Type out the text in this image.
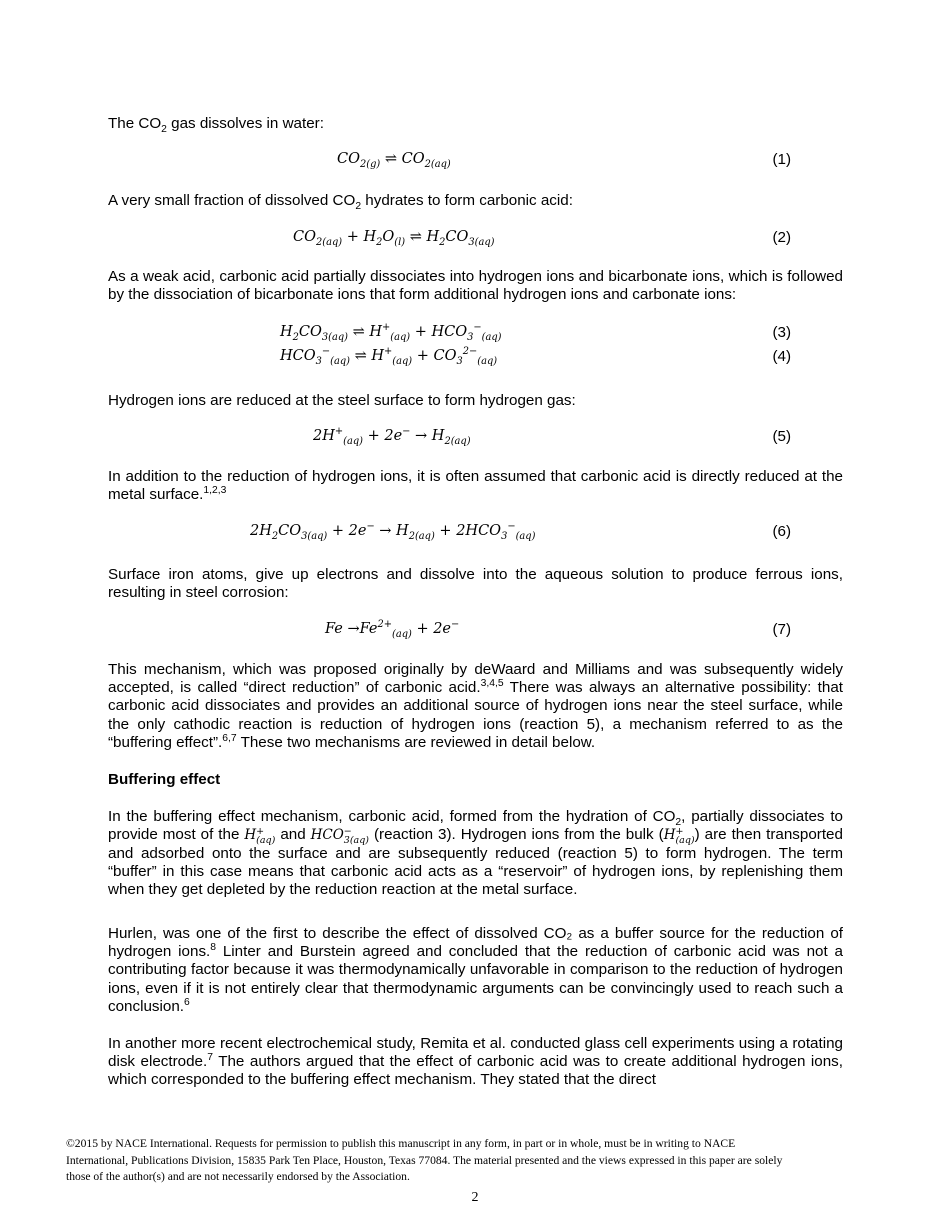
The $CO_2$ gas dissolves in water:

$CO_{2(g)}$ ⇌ $CO_{2(aq)}$	(1)

A very small fraction of dissolved $CO_2$ hydrates to form carbonic acid:

$CO_{2(aq)} + H_2O_{(l)}$ ⇌ $H_2CO_{3(aq)}$	(2)

As a weak acid, carbonic acid partially dissociates into hydrogen ions and bicarbonate ions, which is followed by the dissociation of bicarbonate ions that form additional hydrogen ions and carbonate ions:

$H_2CO_{3(aq)}$ ⇌ $H^+_{(aq)} + HCO_3^-_{(aq)}$	(3)
$HCO_3^-_{(aq)}$ ⇌ $H^+_{(aq)} + CO_3^{2-}_{(aq)}$	(4)

Hydrogen ions are reduced at the steel surface to form hydrogen gas:

$2H^+_{(aq)} + 2e^- \to H_{2(aq)}$	(5)

In addition to the reduction of hydrogen ions, it is often assumed that carbonic acid is directly reduced at the metal surface.$^{1,2,3}$

$2H_2CO_{3(aq)} + 2e^- \to H_{2(aq)} + 2HCO_3^-_{(aq)}$	(6)

Surface iron atoms, give up electrons and dissolve into the aqueous solution to produce ferrous ions, resulting in steel corrosion:

$Fe \to Fe^{2+}_{(aq)} + 2e^-$	(7)

This mechanism, which was proposed originally by deWaard and Milliams and was subsequently widely accepted, is called “direct reduction” of carbonic acid.$^{3,4,5}$ There was always an alternative possibility: that carbonic acid dissociates and provides an additional source of hydrogen ions near the steel surface, while the only cathodic reaction is reduction of hydrogen ions (reaction 5), a mechanism referred to as the “buffering effect”.$^{6,7}$ These two mechanisms are reviewed in detail below.

Buffering effect

In the buffering effect mechanism, carbonic acid, formed from the hydration of $CO_2$, partially dissociates to provide most of the H +
(aq) and HCO −
3(aq) (reaction 3). Hydrogen ions from the bulk (H +
(aq) ) are then transported and adsorbed onto the surface and are subsequently reduced (reaction 5) to form hydrogen. The term “buffer” in this case means that carbonic acid acts as a “reservoir” of hydrogen ions, by replenishing them when they get depleted by the reduction reaction at the metal surface.

Hurlen, was one of the first to describe the effect of dissolved CO₂ as a buffer source for the reduction of hydrogen ions.$^8$ Linter and Burstein agreed and concluded that the reduction of carbonic acid was not a contributing factor because it was thermodynamically unfavorable in comparison to the reduction of hydrogen ions, even if it is not entirely clear that thermodynamic arguments can be convincingly used to reach such a conclusion.$^6$

In another more recent electrochemical study, Remita et al. conducted glass cell experiments using a rotating disk electrode.$^7$ The authors argued that the effect of carbonic acid was to create additional hydrogen ions, which corresponded to the buffering effect mechanism. They stated that the direct

©2015 by NACE International. Requests for permission to publish this manuscript in any form, in part or in whole, must be in writing to NACE International, Publications Division, 15835 Park Ten Place, Houston, Texas 77084. The material presented and the views expressed in this paper are solely those of the author(s) and are not necessarily endorsed by the Association.
2
